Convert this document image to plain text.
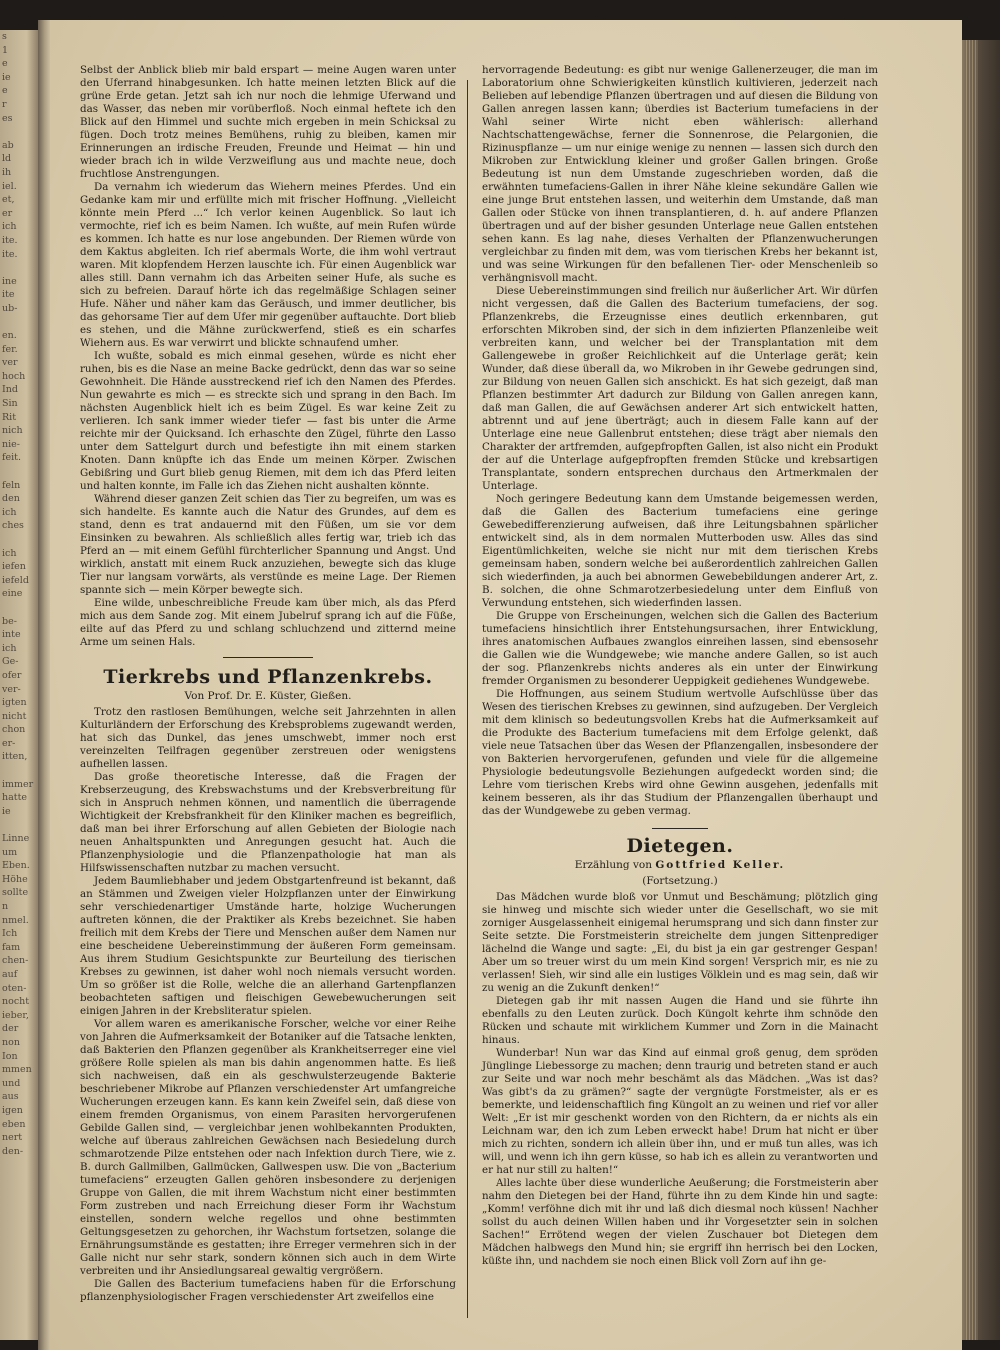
s
1
e
ie
e
r
es

ab
ld
ih
iel.
et,
er
ich
ite.
ite.

ine
ite
ub-

en.
fer.
ver
hoch
Ind
Sin
Rit
nich
nie-
feit.

feln
den
ich
ches

ich
iefen
iefeld
eine

be-
inte
ich
Ge-
ofer
ver-
igten
nicht
chon
er-
itten,

immer
hatte
ie

Linne
um
Eben.
Höhe
sollte
n
nmel.
Ich
fam
chen-
auf
oten-
nocht
ieber,
der
non
Ion
mmen
und
aus
igen
eben
nert
den-

Selbst der Anblick blieb mir bald erspart — meine Augen waren unter den Uferrand hinabgesunken. Ich hatte meinen letzten Blick auf die grüne Erde getan. Jetzt sah ich nur noch die lehmige Uferwand und das Wasser, das neben mir vorüberfloß. Noch einmal heftete ich den Blick auf den Himmel und suchte mich ergeben in mein Schicksal zu fügen. Doch trotz meines Bemühens, ruhig zu bleiben, kamen mir Erinnerungen an irdische Freuden, Freunde und Heimat — hin und wieder brach ich in wilde Verzweiflung aus und machte neue, doch fruchtlose Anstrengungen.

Da vernahm ich wiederum das Wiehern meines Pferdes. Und ein Gedanke kam mir und erfüllte mich mit frischer Hoffnung. „Vielleicht könnte mein Pferd ...“ Ich verlor keinen Augenblick. So laut ich vermochte, rief ich es beim Namen. Ich wußte, auf mein Rufen würde es kommen. Ich hatte es nur lose angebunden. Der Riemen würde von dem Kaktus abgleiten. Ich rief abermals Worte, die ihm wohl vertraut waren. Mit klopfendem Herzen lauschte ich. Für einen Augenblick war alles still. Dann vernahm ich das Arbeiten seiner Hufe, als suche es sich zu befreien. Darauf hörte ich das regelmäßige Schlagen seiner Hufe. Näher und näher kam das Geräusch, und immer deutlicher, bis das gehorsame Tier auf dem Ufer mir gegenüber auftauchte. Dort blieb es stehen, und die Mähne zurückwerfend, stieß es ein scharfes Wiehern aus. Es war verwirrt und blickte schnaufend umher.

Ich wußte, sobald es mich einmal gesehen, würde es nicht eher ruhen, bis es die Nase an meine Backe gedrückt, denn das war so seine Gewohnheit. Die Hände ausstreckend rief ich den Namen des Pferdes. Nun gewahrte es mich — es streckte sich und sprang in den Bach. Im nächsten Augenblick hielt ich es beim Zügel. Es war keine Zeit zu verlieren. Ich sank immer wieder tiefer — fast bis unter die Arme reichte mir der Quicksand. Ich erhaschte den Zügel, führte den Lasso unter dem Sattelgurt durch und befestigte ihn mit einem starken Knoten. Dann knüpfte ich das Ende um meinen Körper. Zwischen Gebißring und Gurt blieb genug Riemen, mit dem ich das Pferd leiten und halten konnte, im Falle ich das Ziehen nicht aushalten könnte.

Während dieser ganzen Zeit schien das Tier zu begreifen, um was es sich handelte. Es kannte auch die Natur des Grundes, auf dem es stand, denn es trat andauernd mit den Füßen, um sie vor dem Einsinken zu bewahren. Als schließlich alles fertig war, trieb ich das Pferd an — mit einem Gefühl fürchterlicher Spannung und Angst. Und wirklich, anstatt mit einem Ruck anzuziehen, bewegte sich das kluge Tier nur langsam vorwärts, als verstünde es meine Lage. Der Riemen spannte sich — mein Körper bewegte sich.

Eine wilde, unbeschreibliche Freude kam über mich, als das Pferd mich aus dem Sande zog. Mit einem Jubelruf sprang ich auf die Füße, eilte auf das Pferd zu und schlang schluchzend und zitternd meine Arme um seinen Hals.

Tierkrebs und Pflanzenkrebs.

Von Prof. Dr. E. Küster, Gießen.

Trotz den rastlosen Bemühungen, welche seit Jahrzehnten in allen Kulturländern der Erforschung des Krebsproblems zugewandt werden, hat sich das Dunkel, das jenes umschwebt, immer noch erst vereinzelten Teilfragen gegenüber zerstreuen oder wenigstens aufhellen lassen.

Das große theoretische Interesse, daß die Fragen der Krebserzeugung, des Krebswachstums und der Krebsverbreitung für sich in Anspruch nehmen können, und namentlich die überragende Wichtigkeit der Krebsfrankheit für den Kliniker machen es begreiflich, daß man bei ihrer Erforschung auf allen Gebieten der Biologie nach neuen Anhaltspunkten und Anregungen gesucht hat. Auch die Pflanzenphysiologie und die Pflanzenpathologie hat man als Hilfswissenschaften nutzbar zu machen versucht.

Jedem Baumliebhaber und jedem Obstgartenfreund ist bekannt, daß an Stämmen und Zweigen vieler Holzpflanzen unter der Einwirkung sehr verschiedenartiger Umstände harte, holzige Wucherungen auftreten können, die der Praktiker als Krebs bezeichnet. Sie haben freilich mit dem Krebs der Tiere und Menschen außer dem Namen nur eine bescheidene Uebereinstimmung der äußeren Form gemeinsam. Aus ihrem Studium Gesichtspunkte zur Beurteilung des tierischen Krebses zu gewinnen, ist daher wohl noch niemals versucht worden. Um so größer ist die Rolle, welche die an allerhand Gartenpflanzen beobachteten saftigen und fleischigen Gewebewucherungen seit einigen Jahren in der Krebsliteratur spielen.

Vor allem waren es amerikanische Forscher, welche vor einer Reihe von Jahren die Aufmerksamkeit der Botaniker auf die Tatsache lenkten, daß Bakterien den Pflanzen gegenüber als Krankheitserreger eine viel größere Rolle spielen als man bis dahin angenommen hatte. Es ließ sich nachweisen, daß ein als geschwulsterzeugende Bakterie beschriebener Mikrobe auf Pflanzen verschiedenster Art umfangreiche Wucherungen erzeugen kann. Es kann kein Zweifel sein, daß diese von einem fremden Organismus, von einem Parasiten hervorgerufenen Gebilde Gallen sind, — vergleichbar jenen wohlbekannten Produkten, welche auf überaus zahlreichen Gewächsen nach Besiedelung durch schmarotzende Pilze entstehen oder nach Infektion durch Tiere, wie z. B. durch Gallmilben, Gallmücken, Gallwespen usw. Die von „Bacterium tumefaciens“ erzeugten Gallen gehören insbesondere zu derjenigen Gruppe von Gallen, die mit ihrem Wachstum nicht einer bestimmten Form zustreben und nach Erreichung dieser Form ihr Wachstum einstellen, sondern welche regellos und ohne bestimmten Geltungsgesetzen zu gehorchen, ihr Wachstum fortsetzen, solange die Ernährungsumstände es gestatten; ihre Erreger vermehren sich in der Galle nicht nur sehr stark, sondern können sich auch in dem Wirte verbreiten und ihr Ansiedlungsareal gewaltig vergrößern.

Die Gallen des Bacterium tumefaciens haben für die Erforschung pflanzenphysiologischer Fragen verschiedenster Art zweifellos eine

hervorragende Bedeutung: es gibt nur wenige Gallenerzeuger, die man im Laboratorium ohne Schwierigkeiten künstlich kultivieren, jederzeit nach Belieben auf lebendige Pflanzen übertragen und auf diesen die Bildung von Gallen anregen lassen kann; überdies ist Bacterium tumefaciens in der Wahl seiner Wirte nicht eben wählerisch: allerhand Nachtschattengewächse, ferner die Sonnenrose, die Pelargonien, die Rizinuspflanze — um nur einige wenige zu nennen — lassen sich durch den Mikroben zur Entwicklung kleiner und großer Gallen bringen. Große Bedeutung ist nun dem Umstande zugeschrieben worden, daß die erwähnten tumefaciens-Gallen in ihrer Nähe kleine sekundäre Gallen wie eine junge Brut entstehen lassen, und weiterhin dem Umstande, daß man Gallen oder Stücke von ihnen transplantieren, d. h. auf andere Pflanzen übertragen und auf der bisher gesunden Unterlage neue Gallen entstehen sehen kann. Es lag nahe, dieses Verhalten der Pflanzenwucherungen vergleichbar zu finden mit dem, was vom tierischen Krebs her bekannt ist, und was seine Wirkungen für den befallenen Tier- oder Menschenleib so verhängnisvoll macht.

Diese Uebereinstimmungen sind freilich nur äußerlicher Art. Wir dürfen nicht vergessen, daß die Gallen des Bacterium tumefaciens, der sog. Pflanzenkrebs, die Erzeugnisse eines deutlich erkennbaren, gut erforschten Mikroben sind, der sich in dem infizierten Pflanzenleibe weit verbreiten kann, und welcher bei der Transplantation mit dem Gallengewebe in großer Reichlichkeit auf die Unterlage gerät; kein Wunder, daß diese überall da, wo Mikroben in ihr Gewebe gedrungen sind, zur Bildung von neuen Gallen sich anschickt. Es hat sich gezeigt, daß man Pflanzen bestimmter Art dadurch zur Bildung von Gallen anregen kann, daß man Gallen, die auf Gewächsen anderer Art sich entwickelt hatten, abtrennt und auf jene überträgt; auch in diesem Falle kann auf der Unterlage eine neue Gallenbrut entstehen; diese trägt aber niemals den Charakter der artfremden, aufgepfropften Gallen, ist also nicht ein Produkt der auf die Unterlage aufgepfropften fremden Stücke und krebsartigen Transplantate, sondern entsprechen durchaus den Artmerkmalen der Unterlage.

Noch geringere Bedeutung kann dem Umstande beigemessen werden, daß die Gallen des Bacterium tumefaciens eine geringe Gewebedifferenzierung aufweisen, daß ihre Leitungsbahnen spärlicher entwickelt sind, als in dem normalen Mutterboden usw. Alles das sind Eigentümlichkeiten, welche sie nicht nur mit dem tierischen Krebs gemeinsam haben, sondern welche bei außerordentlich zahlreichen Gallen sich wiederfinden, ja auch bei abnormen Gewebebildungen anderer Art, z. B. solchen, die ohne Schmarotzerbesiedelung unter dem Einfluß von Verwundung entstehen, sich wiederfinden lassen.

Die Gruppe von Erscheinungen, welchen sich die Gallen des Bacterium tumefaciens hinsichtlich ihrer Entstehungsursachen, ihrer Entwicklung, ihres anatomischen Aufbaues zwanglos einreihen lassen, sind ebensosehr die Gallen wie die Wundgewebe; wie manche andere Gallen, so ist auch der sog. Pflanzenkrebs nichts anderes als ein unter der Einwirkung fremder Organismen zu besonderer Ueppigkeit gediehenes Wundgewebe.

Die Hoffnungen, aus seinem Studium wertvolle Aufschlüsse über das Wesen des tierischen Krebses zu gewinnen, sind aufzugeben. Der Vergleich mit dem klinisch so bedeutungsvollen Krebs hat die Aufmerksamkeit auf die Produkte des Bacterium tumefaciens mit dem Erfolge gelenkt, daß viele neue Tatsachen über das Wesen der Pflanzengallen, insbesondere der von Bakterien hervorgerufenen, gefunden und viele für die allgemeine Physiologie bedeutungsvolle Beziehungen aufgedeckt worden sind; die Lehre vom tierischen Krebs wird ohne Gewinn ausgehen, jedenfalls mit keinem besseren, als ihr das Studium der Pflanzengallen überhaupt und das der Wundgewebe zu geben vermag.

Dietegen.

Erzählung von Gottfried Keller.

(Fortsetzung.)

Das Mädchen wurde bloß vor Unmut und Beschämung; plötzlich ging sie hinweg und mischte sich wieder unter die Gesellschaft, wo sie mit zorniger Ausgelassenheit einigemal herumsprang und sich dann finster zur Seite setzte. Die Forstmeisterin streichelte dem jungen Sittenprediger lächelnd die Wange und sagte: „Ei, du bist ja ein gar gestrenger Gespan! Aber um so treuer wirst du um mein Kind sorgen! Versprich mir, es nie zu verlassen! Sieh, wir sind alle ein lustiges Völklein und es mag sein, daß wir zu wenig an die Zukunft denken!“

Dietegen gab ihr mit nassen Augen die Hand und sie führte ihn ebenfalls zu den Leuten zurück. Doch Küngolt kehrte ihm schnöde den Rücken und schaute mit wirklichem Kummer und Zorn in die Mainacht hinaus.

Wunderbar! Nun war das Kind auf einmal groß genug, dem spröden Jünglinge Liebessorge zu machen; denn traurig und betreten stand er auch zur Seite und war noch mehr beschämt als das Mädchen. „Was ist das? Was gibt's da zu grämen?“ sagte der vergnügte Forstmeister, als er es bemerkte, und leidenschaftlich fing Küngolt an zu weinen und rief vor aller Welt: „Er ist mir geschenkt worden von den Richtern, da er nichts als ein Leichnam war, den ich zum Leben erweckt habe! Drum hat nicht er über mich zu richten, sondern ich allein über ihn, und er muß tun alles, was ich will, und wenn ich ihn gern küsse, so hab ich es allein zu verantworten und er hat nur still zu halten!“

Alles lachte über diese wunderliche Aeußerung; die Forstmeisterin aber nahm den Dietegen bei der Hand, führte ihn zu dem Kinde hin und sagte: „Komm! verföhne dich mit ihr und laß dich diesmal noch küssen! Nachher sollst du auch deinen Willen haben und ihr Vorgesetzter sein in solchen Sachen!“ Errötend wegen der vielen Zuschauer bot Dietegen dem Mädchen halbwegs den Mund hin; sie ergriff ihn herrisch bei den Locken, küßte ihn, und nachdem sie noch einen Blick voll Zorn auf ihn ge-
